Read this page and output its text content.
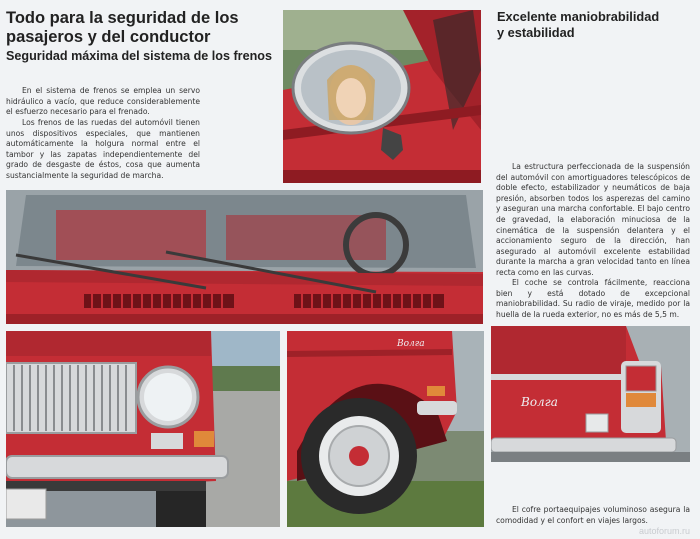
Todo para la seguridad de los
pasajeros y del conductor
Seguridad máxima del sistema de los frenos

En el sistema de frenos se emplea un servo hidráulico a vacío, que reduce considerablemente el esfuerzo necesario para el frenado.

Los frenos de las ruedas del automóvil tienen unos dispositivos especiales, que mantienen automáticamente la holgura normal entre el tambor y las zapatas independientemente del grado de desgaste de éstos, cosa que aumenta sustancialmente la seguridad de marcha.

Excelente maniobrabilidad
y estabilidad

La estructura perfeccionada de la suspensión del automóvil con amortiguadores telescópicos de doble efecto, estabilizador y neumáticos de baja presión, absorben todos los asperezas del camino y aseguran una marcha confortable. El bajo centro de gravedad, la elaboración minuciosa de la cinemática de la suspensión delantera y el accionamiento seguro de la dirección, han asegurado al automóvil excelente estabilidad durante la marcha a gran velocidad tanto en línea recta como en las curvas.

El coche se controla fácilmente, reacciona bien y está dotado de excepcional maniobrabilidad. Su radio de viraje, medido por la huella de la rueda exterior, no es más de 5,5 m.

El cofre portaequipajes voluminoso asegura la comodidad y el confort en viajes largos.

Волга
Волга
autoforum.ru
